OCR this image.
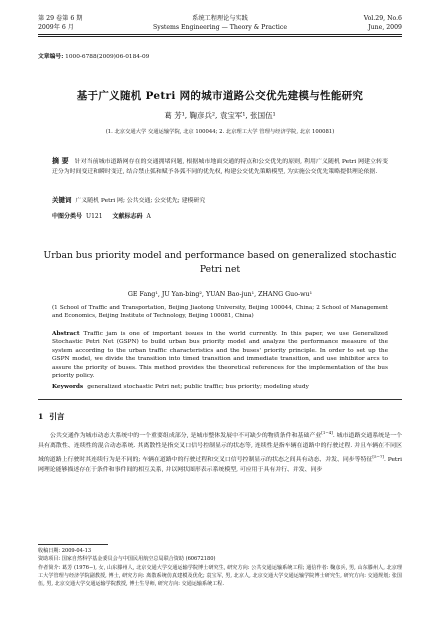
第 29 卷第 6 期	系统工程理论与实践	Vol.29, No.6
2009年 6 月	Systems Engineering — Theory & Practice	June, 2009
文章编号: 1000-6788(2009)06-0184-09
基于广义随机 Petri 网的城市道路公交优先建模与性能研究
葛 芳¹, 鞠彦兵², 袁宝军¹, 张国伍¹
(1. 北京交通大学 交通运输学院, 北京 100044; 2. 北京理工大学 管理与经济学院, 北京 100081)
摘 要 针对当前城市道路网存在的交通拥堵问题, 根据城市地面交通的特点和公交优先的原则, 利用广义随机 Petri 网建立转变迁分为时间变迁和瞬时变迁, 结合禁止弧和赋予各弧不同的优先权, 构建公交优先策略模型, 为实施公交优先策略提供理论依据.
关键词 广义随机 Petri 网; 公共交通; 公交优先; 建模研究
中图分类号 U121 文献标志码 A
Urban bus priority model and performance based on generalized stochastic Petri net
GE Fang¹, JU Yan-bing², YUAN Bao-jun¹, ZHANG Guo-wu¹
(1 School of Traffic and Transportation, Beijing Jiaotong University, Beijing 100044, China; 2 School of Management and Economics, Beijing Institute of Technology, Beijing 100081, China)
Abstract Traffic jam is one of important issues in the world currently. In this paper, we use Generalized Stochastic Petri Net (GSPN) to build urban bus priority model and analyze the performance measure of the system according to the urban traffic characteristics and the buses' priority principle. In order to set up the GSPN model, we divide the transition into timed transition and immediate transition, and use inhibitor arcs to assure the priority of buses. This method provides the theoretical references for the implementation of the bus priority policy.
Keywords generalized stochastic Petri net; public traffic; bus priority; modeling study
1 引言
公共交通作为城市动态大系统中的一个重要组成部分, 是城市整体发展中不可缺少的物质条件和基础产业[1−4]. 城市道路交通系统是一个具有离散性、连续性的混合动态系统. 其离散性是指交叉口信号控制显示的状态等, 连续性是指车辆在道路中的行驶过程. 并且车辆在不同区域的道路上行驶时其连续行为是不同的; 车辆在道路中的行驶过程和交叉口信号控制显示的状态之间具有动态、并发、同步等特征[5−7]. Petri 网理论能够描述存在于条件和事件间的相互关系, 并以网状图形表示系统模型, 可应用于具有并行、并发、同步
收稿日期: 2009-04-13
资助项目: 国家自然科学基金委员会与中国民用航空总局联合资助 (60672180)
作者简介: 葛芳 (1976−), 女, 山东滕州人, 北京交通大学交通运输学院博士研究生, 研究方向: 公共交通运输系统工程; 通信作者: 鞠彦兵, 男, 山东滕州人, 北京理工大学管理与经济学院副教授, 博士, 研究方向: 离散系统仿真建模及优化; 袁宝军, 男, 北京人, 北京交通大学交通运输学院博士研究生, 研究方向: 交通规划; 张国伍, 男, 北京交通大学交通运输学院教授, 博士生导师, 研究方向: 交通运输系统工程.
